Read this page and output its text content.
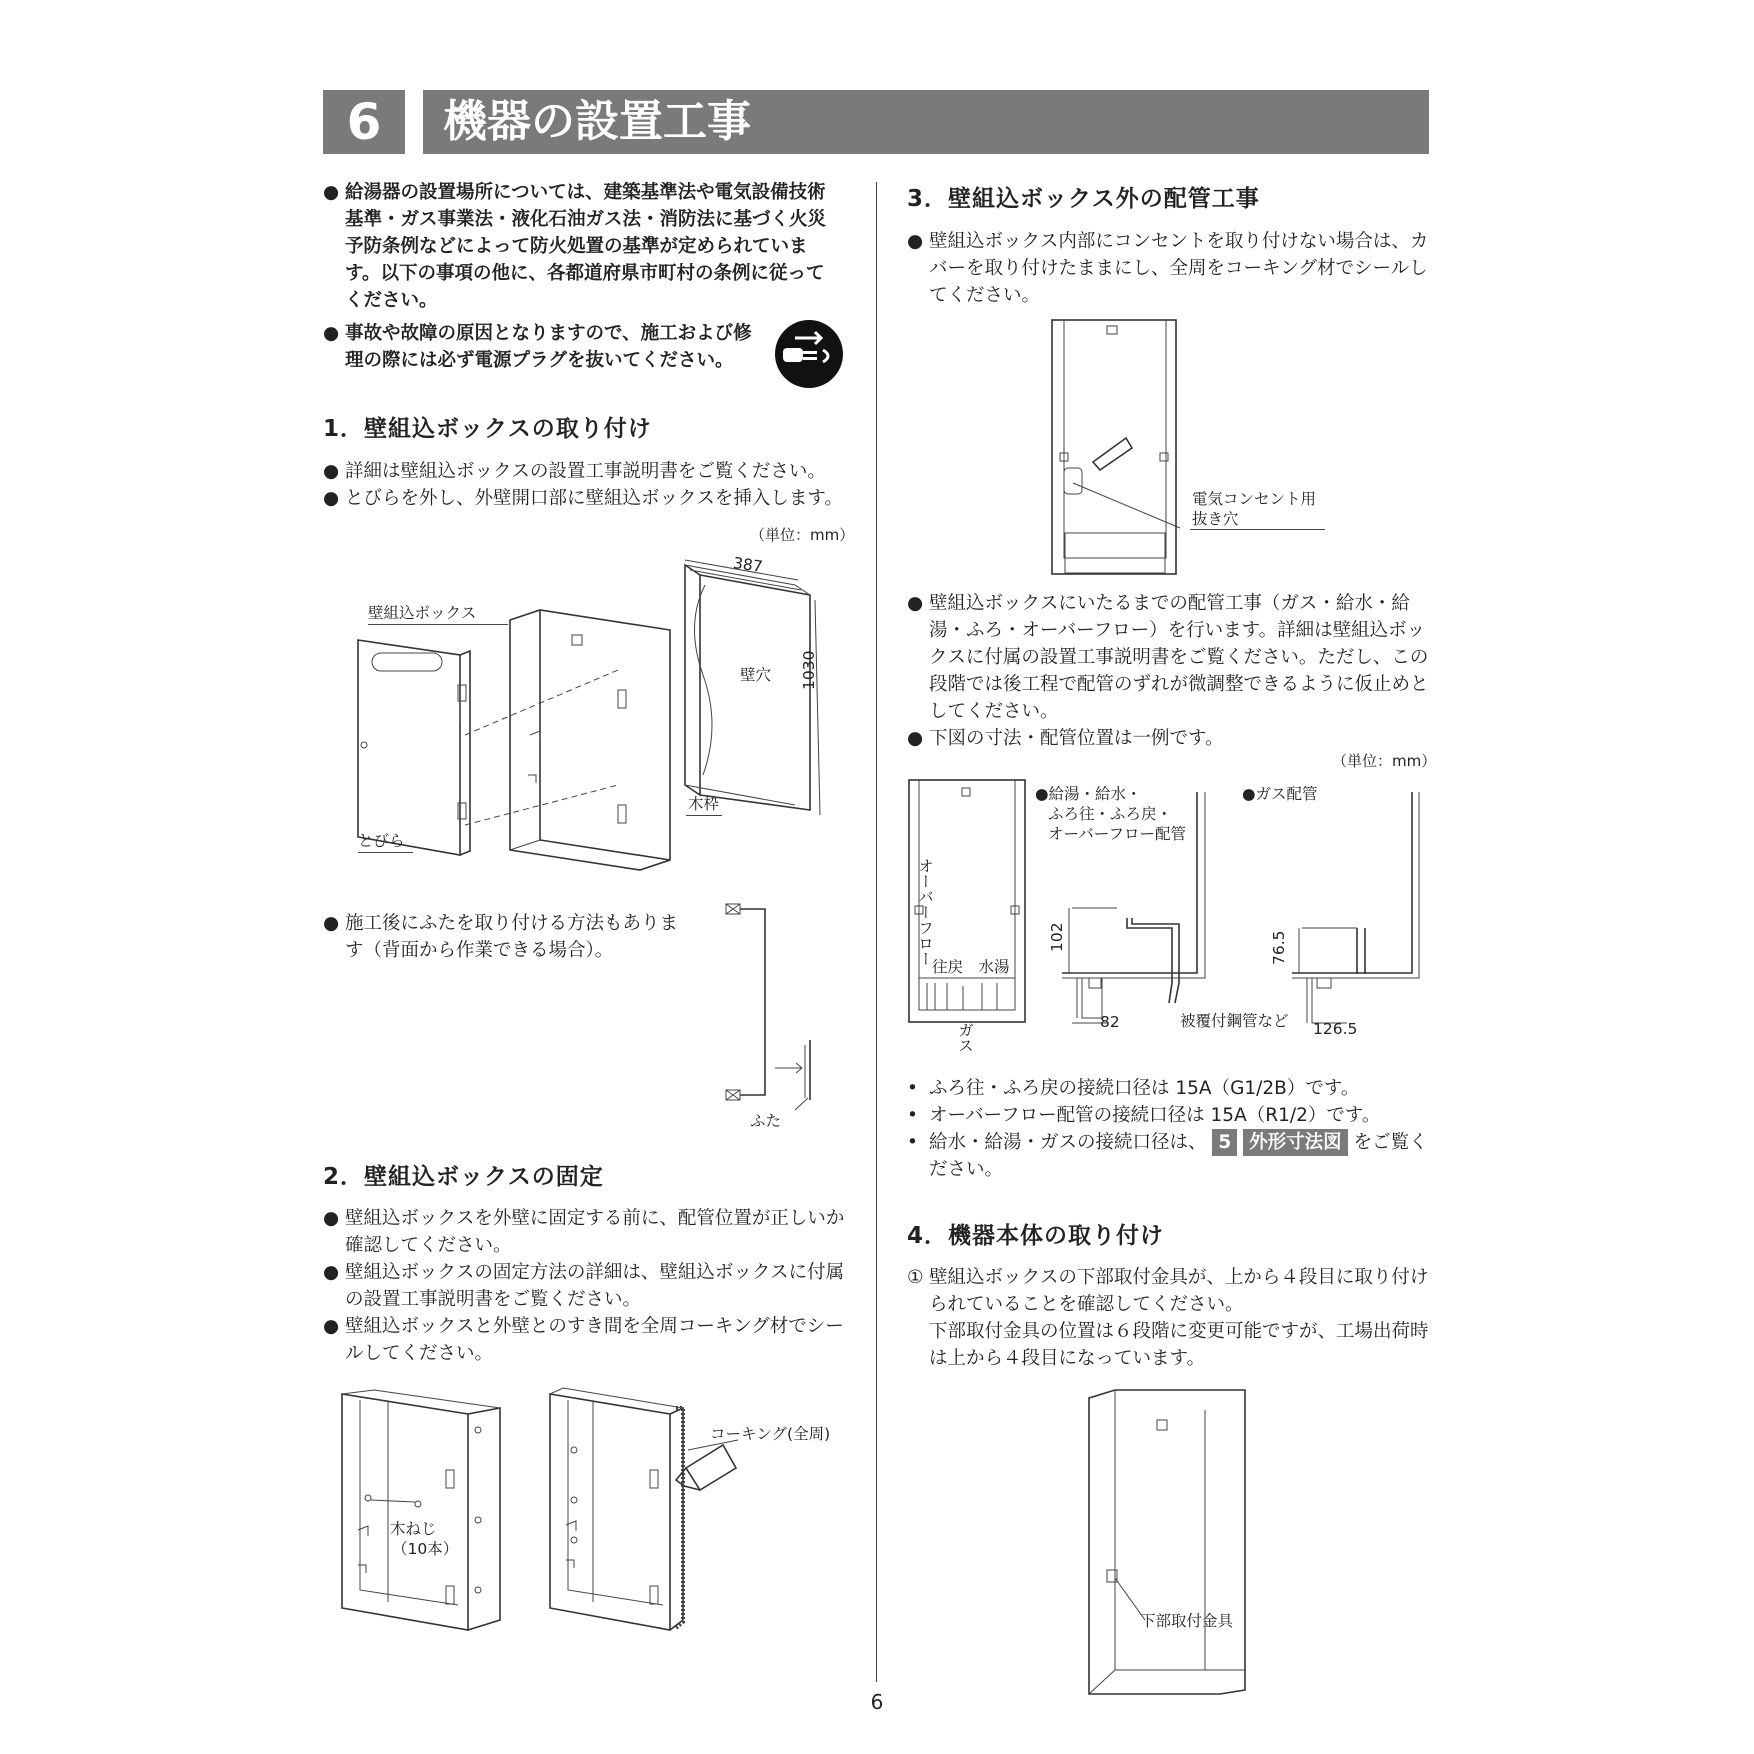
6	機器の設置工事
● 給湯器の設置場所については、建築基準法や電気設備技術基準・ガス事業法・液化石油ガス法・消防法に基づく火災予防条例などによって防火処置の基準が定められています。以下の事項の他に、各都道府県市町村の条例に従ってください。
● 事故や故障の原因となりますので、施工および修理の際には必ず電源プラグを抜いてください。
1．壁組込ボックスの取り付け
● 詳細は壁組込ボックスの設置工事説明書をご覧ください。
● とびらを外し、外壁開口部に壁組込ボックスを挿入します。
（単位：mm）
壁組込ボックス
とびら
壁穴
木枠
387
1030
● 施工後にふたを取り付ける方法もあります（背面から作業できる場合）。
ふた
2．壁組込ボックスの固定
● 壁組込ボックスを外壁に固定する前に、配管位置が正しいか確認してください。
● 壁組込ボックスの固定方法の詳細は、壁組込ボックスに付属の設置工事説明書をご覧ください。
● 壁組込ボックスと外壁とのすき間を全周コーキング材でシールしてください。
木ねじ
（10本）
コーキング(全周)
3．壁組込ボックス外の配管工事
● 壁組込ボックス内部にコンセントを取り付けない場合は、カバーを取り付けたままにし、全周をコーキング材でシールしてください。
電気コンセント用
抜き穴
● 壁組込ボックスにいたるまでの配管工事（ガス・給水・給湯・ふろ・オーバーフロー）を行います。詳細は壁組込ボックスに付属の設置工事説明書をご覧ください。ただし、この段階では後工程で配管のずれが微調整できるように仮止めとしてください。
● 下図の寸法・配管位置は一例です。
（単位：mm）
オーバーフロー
往戻　水湯
ガス
●給湯・給水・
ふろ往・ふろ戻・
オーバーフロー配管
●ガス配管
102
82
76.5
126.5
被覆付鋼管など
• ふろ往・ふろ戻の接続口径は 15A（G1/2B）です。
• オーバーフロー配管の接続口径は 15A（R1/2）です。
• 給水・給湯・ガスの接続口径は、 5 外形寸法図 をご覧ください。
4．機器本体の取り付け
① 壁組込ボックスの下部取付金具が、上から４段目に取り付けられていることを確認してください。
下部取付金具の位置は６段階に変更可能ですが、工場出荷時は上から４段目になっています。
下部取付金具
6
